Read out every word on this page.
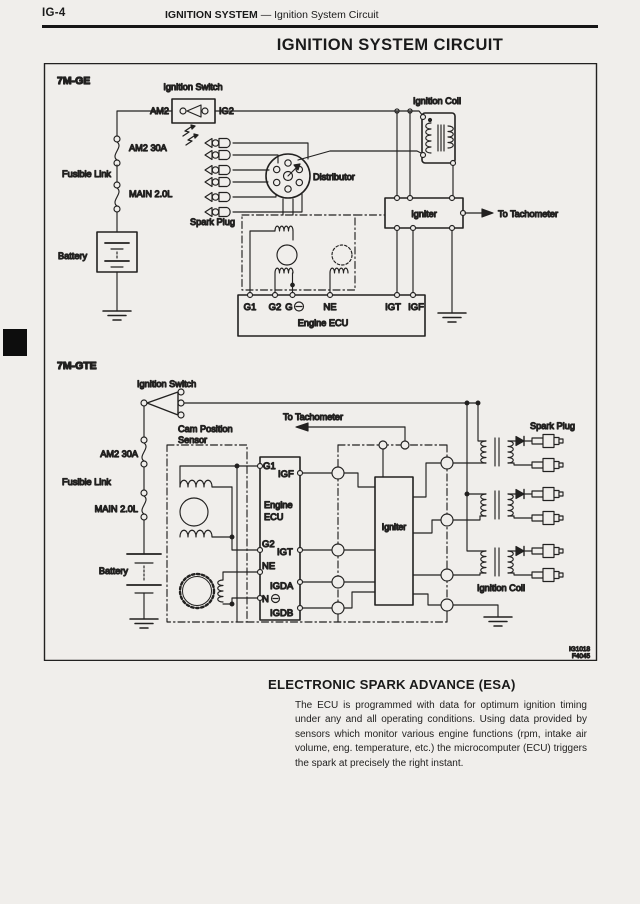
IG-4	IGNITION SYSTEM — Ignition System Circuit
IGNITION SYSTEM CIRCUIT
7M-GE	Ignition Switch
AM2	IG2
AM2 30A
Fusible Link
MAIN 2.0L
Battery
Spark Plug
Distributor
Ignition Coil
Igniter	To Tachometer
G1 G2 G	NE	IGT IGF
Engine ECU
7M-GTE
Ignition Switch
To Tachometer
AM2 30A
Fusible Link
MAIN 2.0L
Battery
Cam Position
Sensor
G1
IGF
Engine
ECU
G2
IGT
NE
IGDA
N
IGDB
Igniter
Spark Plug
Ignition Coil
IG1018
F4045
ELECTRONIC SPARK ADVANCE (ESA)

The ECU is programmed with data for optimum ignition timing under any and all operating conditions. Using data provided by sensors which monitor various engine functions (rpm, intake air volume, eng. temperature, etc.) the microcomputer (ECU) triggers the spark at precisely the right instant.
